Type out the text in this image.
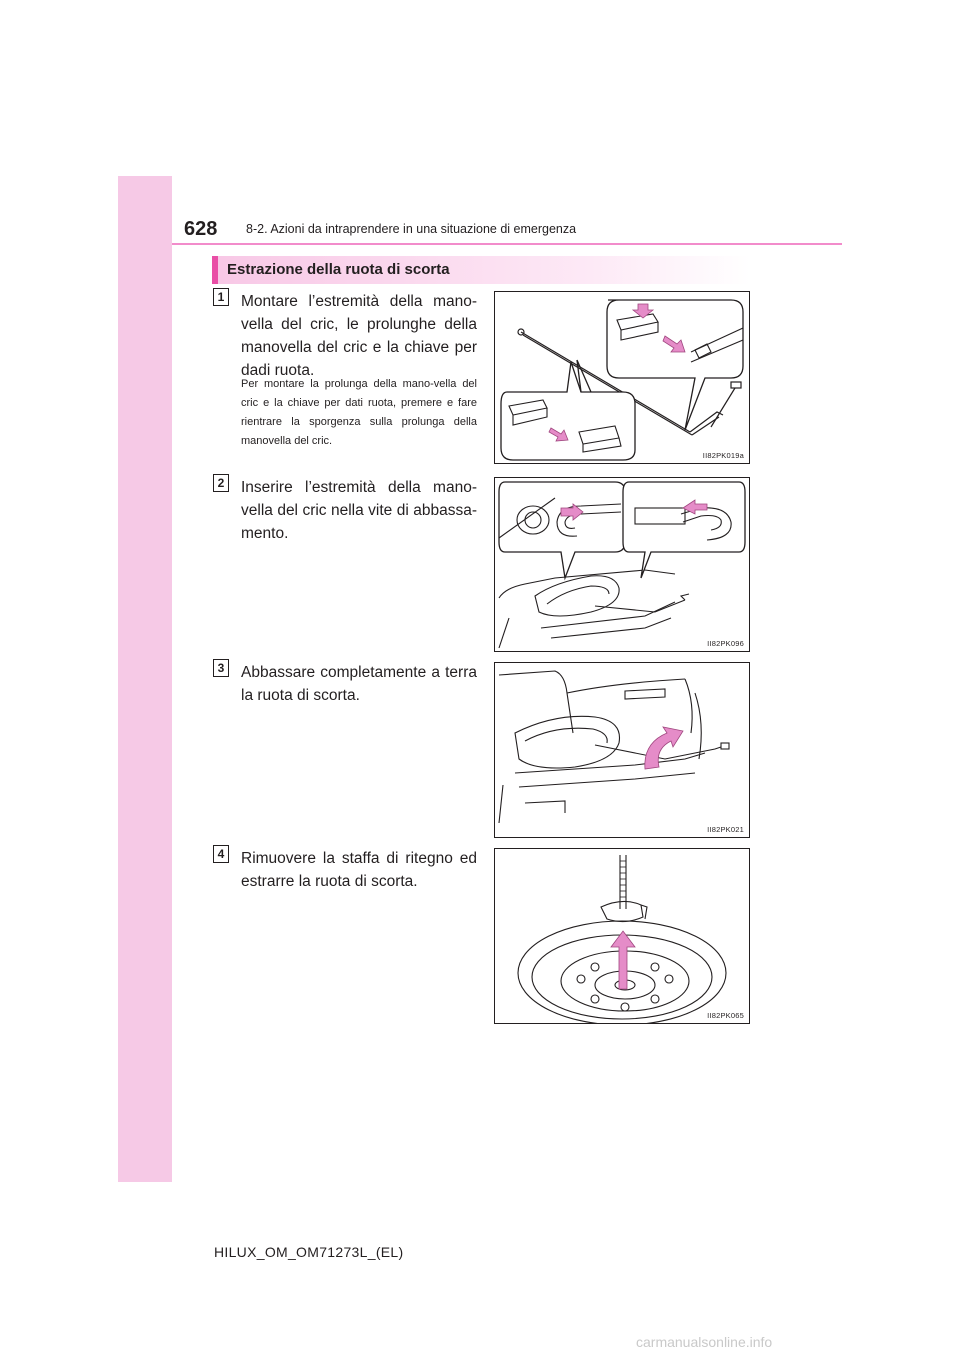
628 8-2. Azioni da intraprendere in una situazione di emergenza
Estrazione della ruota di scorta
1	Montare l’estremità della mano-vella del cric, le prolunghe della manovella del cric e la chiave per dadi ruota.
Per montare la prolunga della mano-vella del cric e la chiave per dati ruota, premere e fare rientrare la sporgenza sulla prolunga della manovella del cric.
II82PK019a
2	Inserire l’estremità della mano-vella del cric nella vite di abbassa-mento.
II82PK096
3	Abbassare completamente a terra la ruota di scorta.
II82PK021
4	Rimuovere la staffa di ritegno ed estrarre la ruota di scorta.
II82PK065
HILUX_OM_OM71273L_(EL)
carmanualsonline.info
